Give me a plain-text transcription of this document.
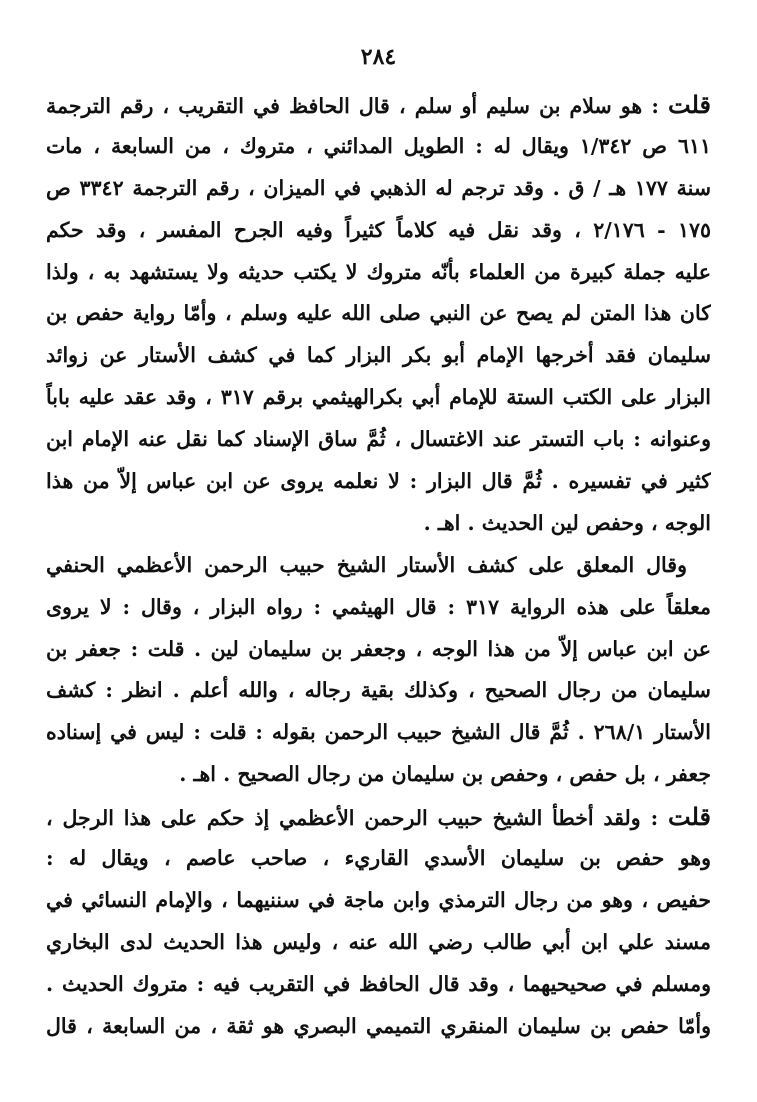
٢٨٤
قلت : هو سلام بن سليم أو سلم ، قال الحافظ في التقريب ، رقم الترجمة
٦١١ ص ١/٣٤٢ ويقال له : الطويل المدائني ، متروك ، من السابعة ، مات
سنة ١٧٧ هـ / ق . وقد ترجم له الذهبي في الميزان ، رقم الترجمة ٣٣٤٢ ص
١٧٥ - ٢/١٧٦ ، وقد نقل فيه كلاماً كثيراً وفيه الجرح المفسر ، وقد حكم
عليه جملة كبيرة من العلماء بأنّه متروك لا يكتب حديثه ولا يستشهد به ، ولذا
كان هذا المتن لم يصح عن النبي صلى الله عليه وسلم ، وأمّا رواية حفص بن
سليمان فقد أخرجها الإمام أبو بكر البزار كما في كشف الأستار عن زوائد
البزار على الكتب الستة للإمام أبي بكرالهيثمي برقم ٣١٧ ، وقد عقد عليه باباً
وعنوانه : باب التستر عند الاغتسال ، ثُمَّ ساق الإسناد كما نقل عنه الإمام ابن
كثير في تفسيره . ثُمَّ قال البزار : لا نعلمه يروى عن ابن عباس إلاّ من هذا
الوجه ، وحفص لين الحديث . اهـ .
وقال المعلق على كشف الأستار الشيخ حبيب الرحمن الأعظمي الحنفي
معلقاً على هذه الرواية ٣١٧ : قال الهيثمي : رواه البزار ، وقال : لا يروى
عن ابن عباس إلاّ من هذا الوجه ، وجعفر بن سليمان لين . قلت : جعفر بن
سليمان من رجال الصحيح ، وكذلك بقية رجاله ، والله أعلم . انظر : كشف
الأستار ٢٦٨/١ . ثُمَّ قال الشيخ حبيب الرحمن بقوله : قلت : ليس في إسناده
جعفر ، بل حفص ، وحفص بن سليمان من رجال الصحيح . اهـ .
قلت : ولقد أخطأ الشيخ حبيب الرحمن الأعظمي إذ حكم على هذا الرجل ،
وهو حفص بن سليمان الأسدي القاريء ، صاحب عاصم ، ويقال له :
حفيص ، وهو من رجال الترمذي وابن ماجة في سننيهما ، والإمام النسائي في
مسند علي ابن أبي طالب رضي الله عنه ، وليس هذا الحديث لدى البخاري
ومسلم في صحيحيهما ، وقد قال الحافظ في التقريب فيه : متروك الحديث .
وأمّا حفص بن سليمان المنقري التميمي البصري هو ثقة ، من السابعة ، قال
